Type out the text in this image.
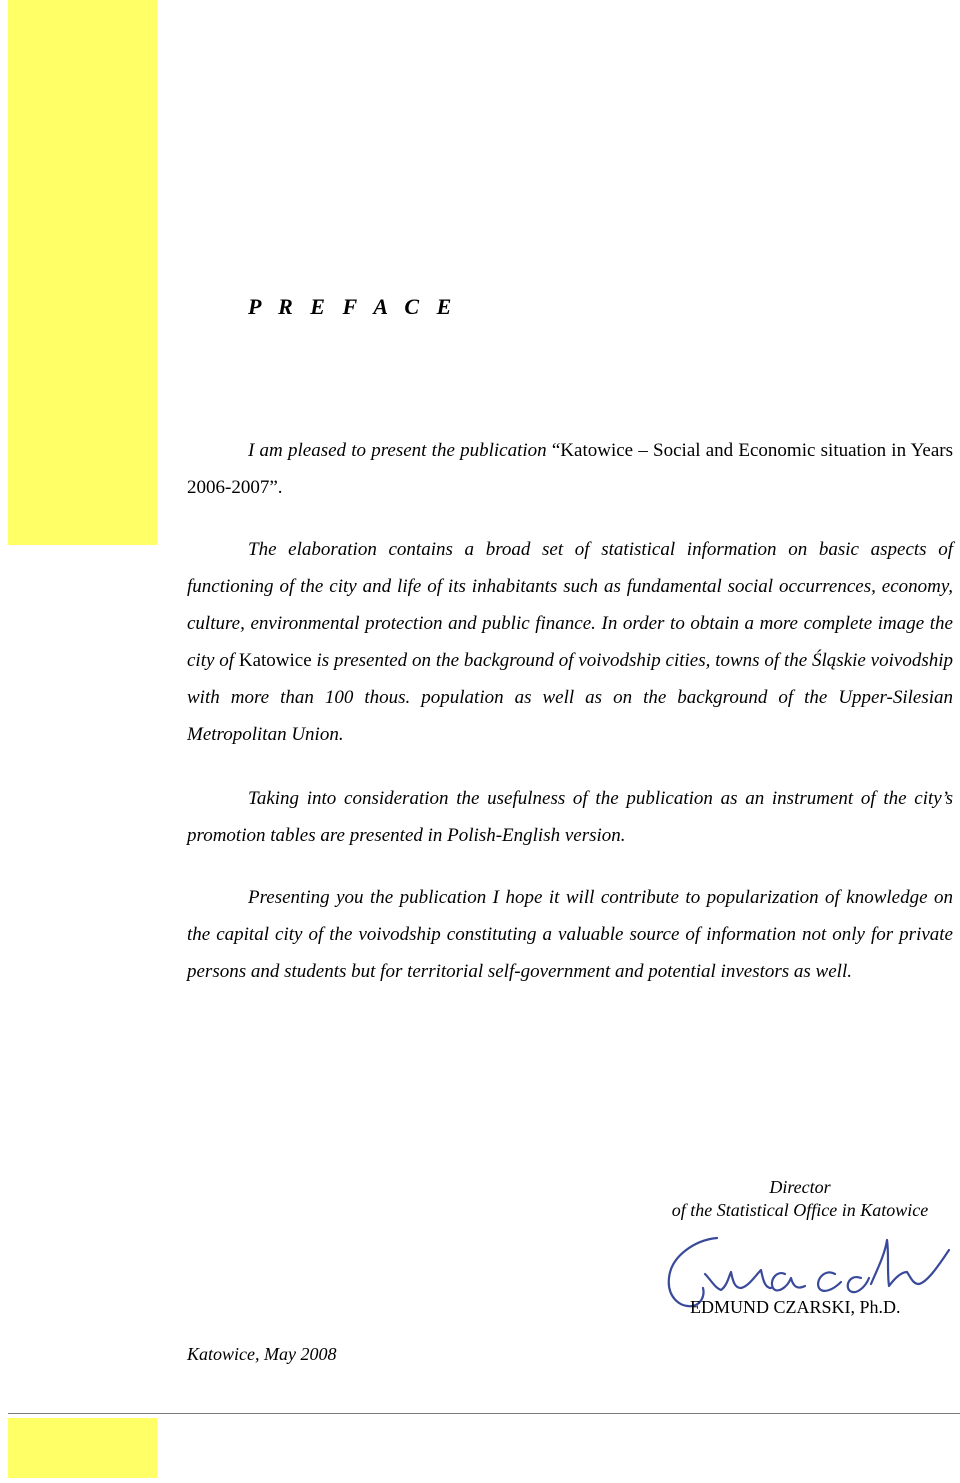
P R E F A C E

I am pleased to present the publication “Katowice – Social and Economic situation in Years 2006-2007”.

The elaboration contains a broad set of statistical information on basic aspects of functioning of the city and life of its inhabitants such as fundamental social occurrences, economy, culture, environmental protection and public finance. In order to obtain a more complete image the city of Katowice is presented on the background of voivodship cities, towns of the Śląskie voivodship with more than 100 thous. population as well as on the background of the Upper-Silesian Metropolitan Union.

Taking into consideration the usefulness of the publication as an instrument of the city’s promotion tables are presented in Polish-English version.

Presenting you the publication I hope it will contribute to popularization of knowledge on the capital city of the voivodship constituting a valuable source of information not only for private persons and students but for territorial self-government and potential investors as well.

Director
of the Statistical Office in Katowice
EDMUND CZARSKI, Ph.D.
Katowice, May 2008
